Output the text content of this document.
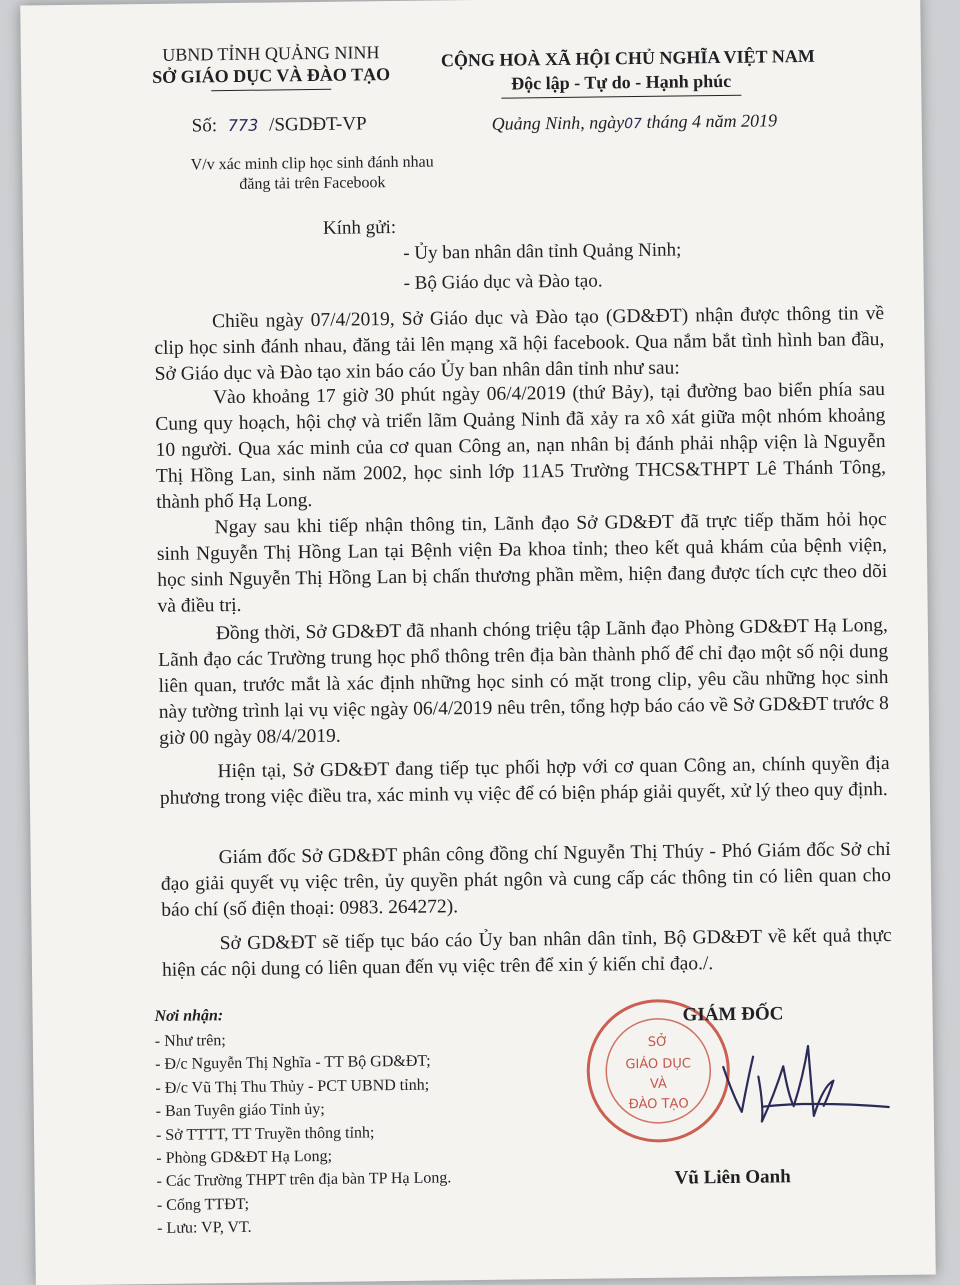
UBND TỈNH QUẢNG NINH
SỞ GIÁO DỤC VÀ ĐÀO TẠO
CỘNG HOÀ XÃ HỘI CHỦ NGHĨA VIỆT NAM
Độc lập - Tự do - Hạnh phúc
Số: 773 /SGDĐT-VP
V/v xác minh clip học sinh đánh nhau đăng tải trên Facebook
Quảng Ninh, ngày07 tháng 4 năm 2019
Kính gửi:
- Ủy ban nhân dân tỉnh Quảng Ninh;
- Bộ Giáo dục và Đào tạo.

Chiều ngày 07/4/2019, Sở Giáo dục và Đào tạo (GD&ĐT) nhận được thông tin về clip học sinh đánh nhau, đăng tải lên mạng xã hội facebook. Qua nắm bắt tình hình ban đầu, Sở Giáo dục và Đào tạo xin báo cáo Ủy ban nhân dân tỉnh như sau:

Vào khoảng 17 giờ 30 phút ngày 06/4/2019 (thứ Bảy), tại đường bao biển phía sau Cung quy hoạch, hội chợ và triển lãm Quảng Ninh đã xảy ra xô xát giữa một nhóm khoảng 10 người. Qua xác minh của cơ quan Công an, nạn nhân bị đánh phải nhập viện là Nguyễn Thị Hồng Lan, sinh năm 2002, học sinh lớp 11A5 Trường THCS&THPT Lê Thánh Tông, thành phố Hạ Long.

Ngay sau khi tiếp nhận thông tin, Lãnh đạo Sở GD&ĐT đã trực tiếp thăm hỏi học sinh Nguyễn Thị Hồng Lan tại Bệnh viện Đa khoa tỉnh; theo kết quả khám của bệnh viện, học sinh Nguyễn Thị Hồng Lan bị chấn thương phần mềm, hiện đang được tích cực theo dõi và điều trị.

Đồng thời, Sở GD&ĐT đã nhanh chóng triệu tập Lãnh đạo Phòng GD&ĐT Hạ Long, Lãnh đạo các Trường trung học phổ thông trên địa bàn thành phố để chỉ đạo một số nội dung liên quan, trước mắt là xác định những học sinh có mặt trong clip, yêu cầu những học sinh này tường trình lại vụ việc ngày 06/4/2019 nêu trên, tổng hợp báo cáo về Sở GD&ĐT trước 8 giờ 00 ngày 08/4/2019.

Hiện tại, Sở GD&ĐT đang tiếp tục phối hợp với cơ quan Công an, chính quyền địa phương trong việc điều tra, xác minh vụ việc để có biện pháp giải quyết, xử lý theo quy định.

Giám đốc Sở GD&ĐT phân công đồng chí Nguyễn Thị Thúy - Phó Giám đốc Sở chỉ đạo giải quyết vụ việc trên, ủy quyền phát ngôn và cung cấp các thông tin có liên quan cho báo chí (số điện thoại: 0983. 264272).

Sở GD&ĐT sẽ tiếp tục báo cáo Ủy ban nhân dân tỉnh, Bộ GD&ĐT về kết quả thực hiện các nội dung có liên quan đến vụ việc trên để xin ý kiến chỉ đạo./.

Nơi nhận:
- Như trên;
- Đ/c Nguyễn Thị Nghĩa - TT Bộ GD&ĐT;
- Đ/c Vũ Thị Thu Thủy - PCT UBND tỉnh;
- Ban Tuyên giáo Tỉnh ủy;
- Sở TTTT, TT Truyền thông tỉnh;
- Phòng GD&ĐT Hạ Long;
- Các Trường THPT trên địa bàn TP Hạ Long.
- Cổng TTĐT;
- Lưu: VP, VT.
SỞ
GIÁO DỤC
VÀ
ĐÀO TẠO
GIÁM ĐỐC
Vũ Liên Oanh
